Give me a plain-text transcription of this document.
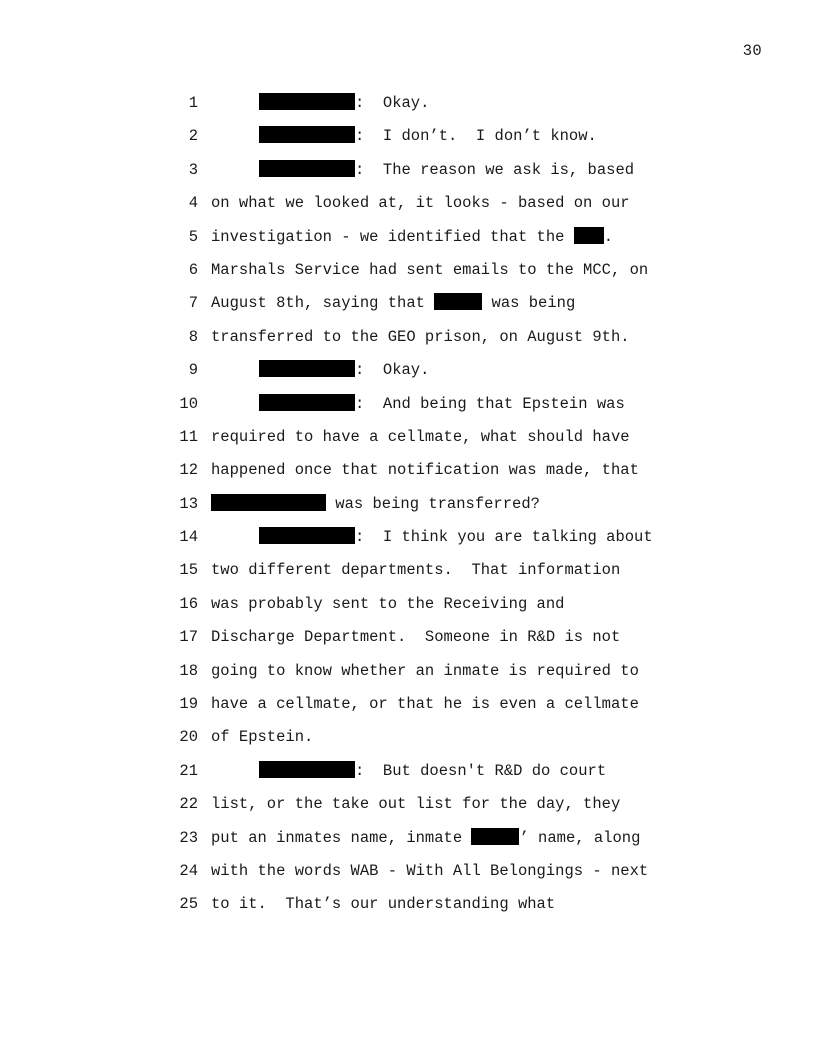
30

1

	:  Okay.

2

	:  I don’t.  I don’t know.

3

	:  The reason we ask is, based

4

on what we looked at, it looks - based on our

5

investigation - we identified that the .

6

Marshals Service had sent emails to the MCC, on

7

August 8th, saying that	was being

8

transferred to the GEO prison, on August 9th.

9

	:  Okay.

10

	:  And being that Epstein was

11

required to have a cellmate, what should have

12

happened once that notification was made, that

13

	was being transferred?

14

	:  I think you are talking about

15

two different departments.  That information

16

was probably sent to the Receiving and

17

Discharge Department.  Someone in R&D is not

18

going to know whether an inmate is required to

19

have a cellmate, or that he is even a cellmate

20

of Epstein.

21

	:  But doesn't R&D do court

22

list, or the take out list for the day, they

23

put an inmates name, inmate	’ name, along

24

with the words WAB - With All Belongings - next

25

to it.  That’s our understanding what
